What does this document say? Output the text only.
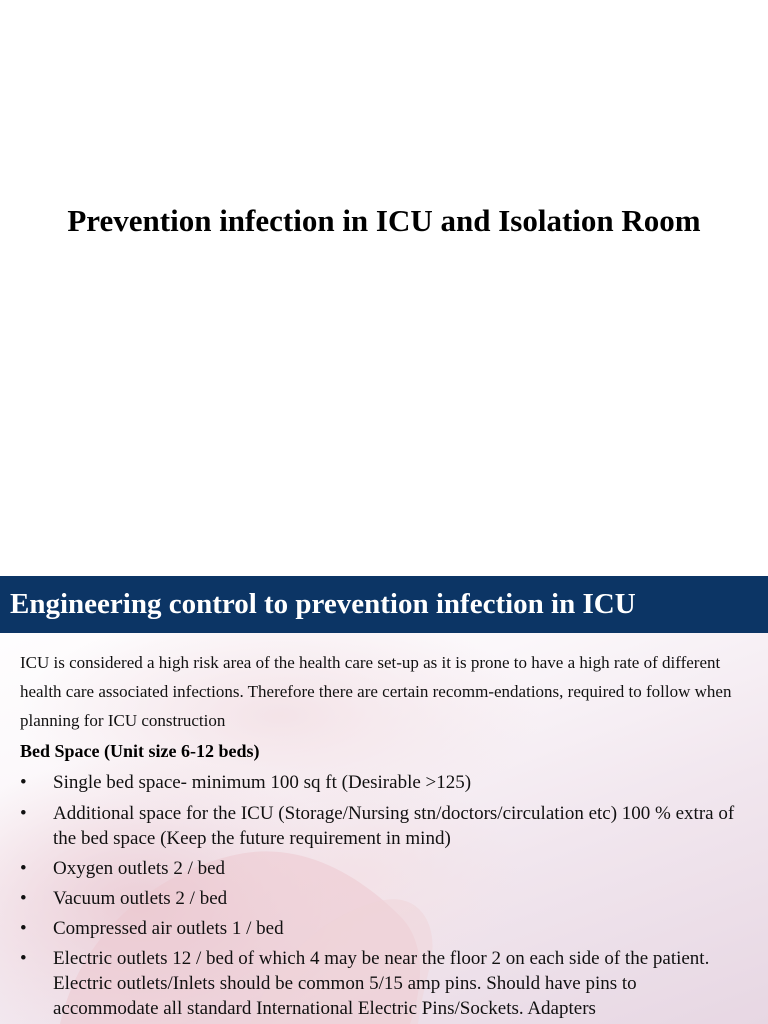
Prevention infection in ICU and Isolation Room
Engineering control to prevention infection in ICU
ICU is considered a high risk area of the health care set-up as it is prone to have a high rate of different health care associated infections. Therefore there are certain recomm-endations, required to follow when planning for ICU construction
Bed Space (Unit size 6-12 beds)
• Single bed space- minimum 100 sq ft (Desirable >125)
• Additional space for the ICU (Storage/Nursing stn/doctors/circulation etc) 100 % extra of the bed space (Keep the future requirement in mind)
• Oxygen outlets 2 / bed
• Vacuum outlets 2 / bed
• Compressed air outlets 1 / bed
• Electric outlets 12 / bed of which 4 may be near the floor 2 on each side of the patient. Electric outlets/Inlets should be common 5/15 amp pins. Should have pins to accommodate all standard International Electric Pins/Sockets. Adapters
